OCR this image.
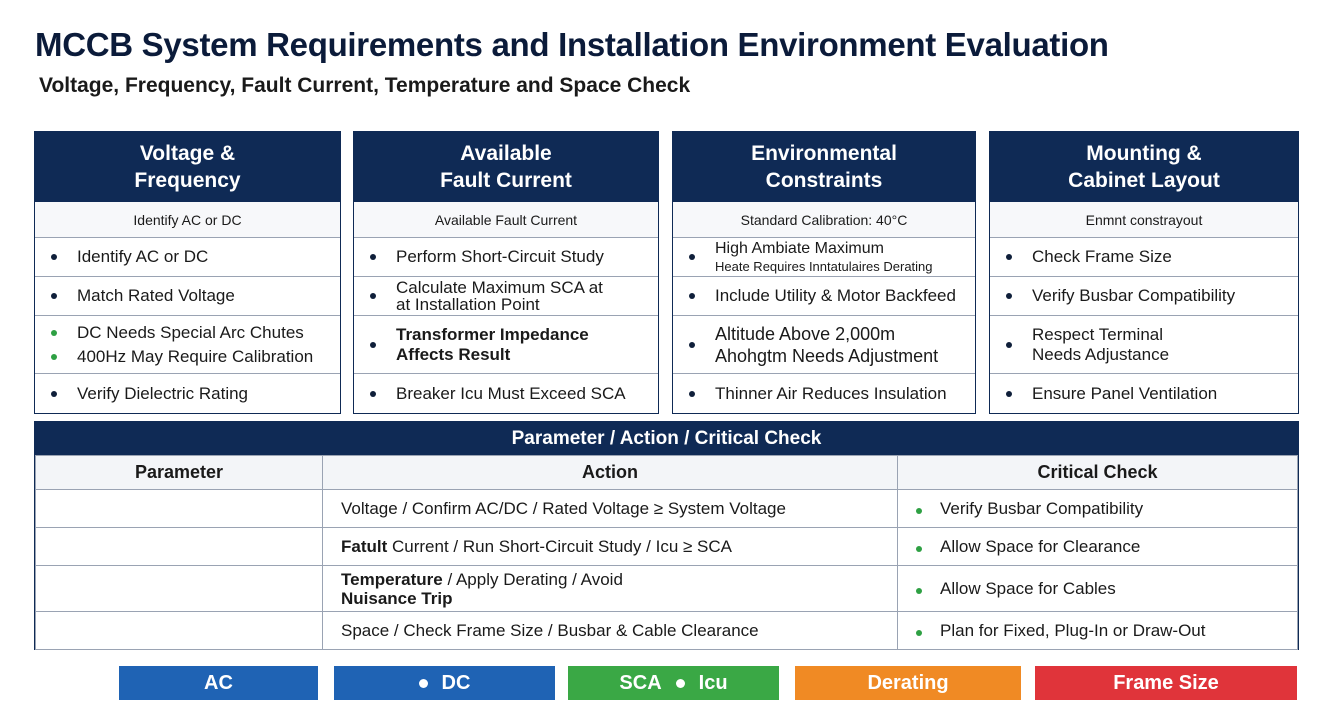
MCCB System Requirements and Installation Environment Evaluation
Voltage, Frequency, Fault Current, Temperature and Space Check
Voltage &
Frequency
Identify AC or DC
Identify AC or DC
Match Rated Voltage
DC Needs Special Arc Chutes
400Hz May Require Calibration
Verify Dielectric Rating
Available
Fault Current
Available Fault Current
Perform Short-Circuit Study
Calculate Maximum SCA at
at Installation Point
Transformer Impedance
Affects Result
Breaker Icu Must Exceed SCA
Environmental
Constraints
Standard Calibration: 40°C
High Ambiate Maximum
Heate Requires Inntatulaires Derating
Include Utility & Motor Backfeed
Altitude Above 2,000m
Ahohgtm Needs Adjustment
Thinner Air Reduces Insulation
Mounting &
Cabinet Layout
Enmnt constrayout
Check Frame Size
Verify Busbar Compatibility
Respect Terminal
Needs Adjustance
Ensure Panel Ventilation
Parameter / Action / Critical Check
Parameter	Action	Critical Check
	Voltage / Confirm AC/DC / Rated Voltage ≥ System Voltage	Verify Busbar Compatibility
	Fatult Current / Run Short-Circuit Study / Icu ≥ SCA	Allow Space for Clearance
	Temperature / Apply Derating / Avoid
Nuisance Trip	Allow Space for Cables
	Space / Check Frame Size / Busbar & Cable Clearance	Plan for Fixed, Plug-In or Draw-Out
AC	DC	SCA Icu	Derating	Frame Size
